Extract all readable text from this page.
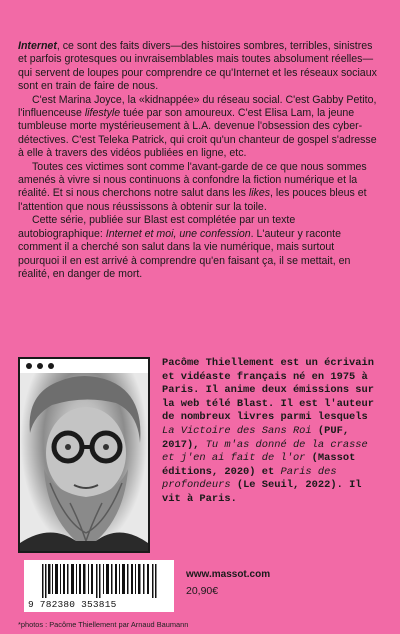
Internet, ce sont des faits divers—des histoires sombres, terribles, sinistres et parfois grotesques ou invraisemblables mais toutes absolument réelles—qui servent de loupes pour comprendre ce qu'Internet et les réseaux sociaux sont en train de faire de nous.

C'est Marina Joyce, la «kidnappée» du réseau social. C'est Gabby Petito, l'influenceuse lifestyle tuée par son amoureux. C'est Elisa Lam, la jeune tumbleuse morte mystérieusement à L.A. devenue l'obsession des cyber-détectives. C'est Teleka Patrick, qui croit qu'un chanteur de gospel s'adresse à elle à travers des vidéos publiées en ligne, etc.

Toutes ces victimes sont comme l'avant-garde de ce que nous sommes amenés à vivre si nous continuons à confondre la fiction numérique et la réalité. Et si nous cherchons notre salut dans les likes, les pouces bleus et l'attention que nous réussissons à obtenir sur la toile.

Cette série, publiée sur Blast est complétée par un texte autobiographique: Internet et moi, une confession. L'auteur y raconte comment il a cherché son salut dans la vie numérique, mais surtout pourquoi il en est arrivé à comprendre qu'en faisant ça, il se mettait, en réalité, en danger de mort.

Pacôme Thiellement est un écrivain et vidéaste français né en 1975 à Paris. Il anime deux émissions sur la web télé Blast. Il est l'auteur de nombreux livres parmi lesquels La Victoire des Sans Roi (PUF, 2017), Tu m'as donné de la crasse et j'en ai fait de l'or (Massot éditions, 2020) et Paris des profondeurs (Le Seuil, 2022). Il vit à Paris.
9 782380 353815
www.massot.com
20,90€
*photos : Pacôme Thiellement par Arnaud Baumann
